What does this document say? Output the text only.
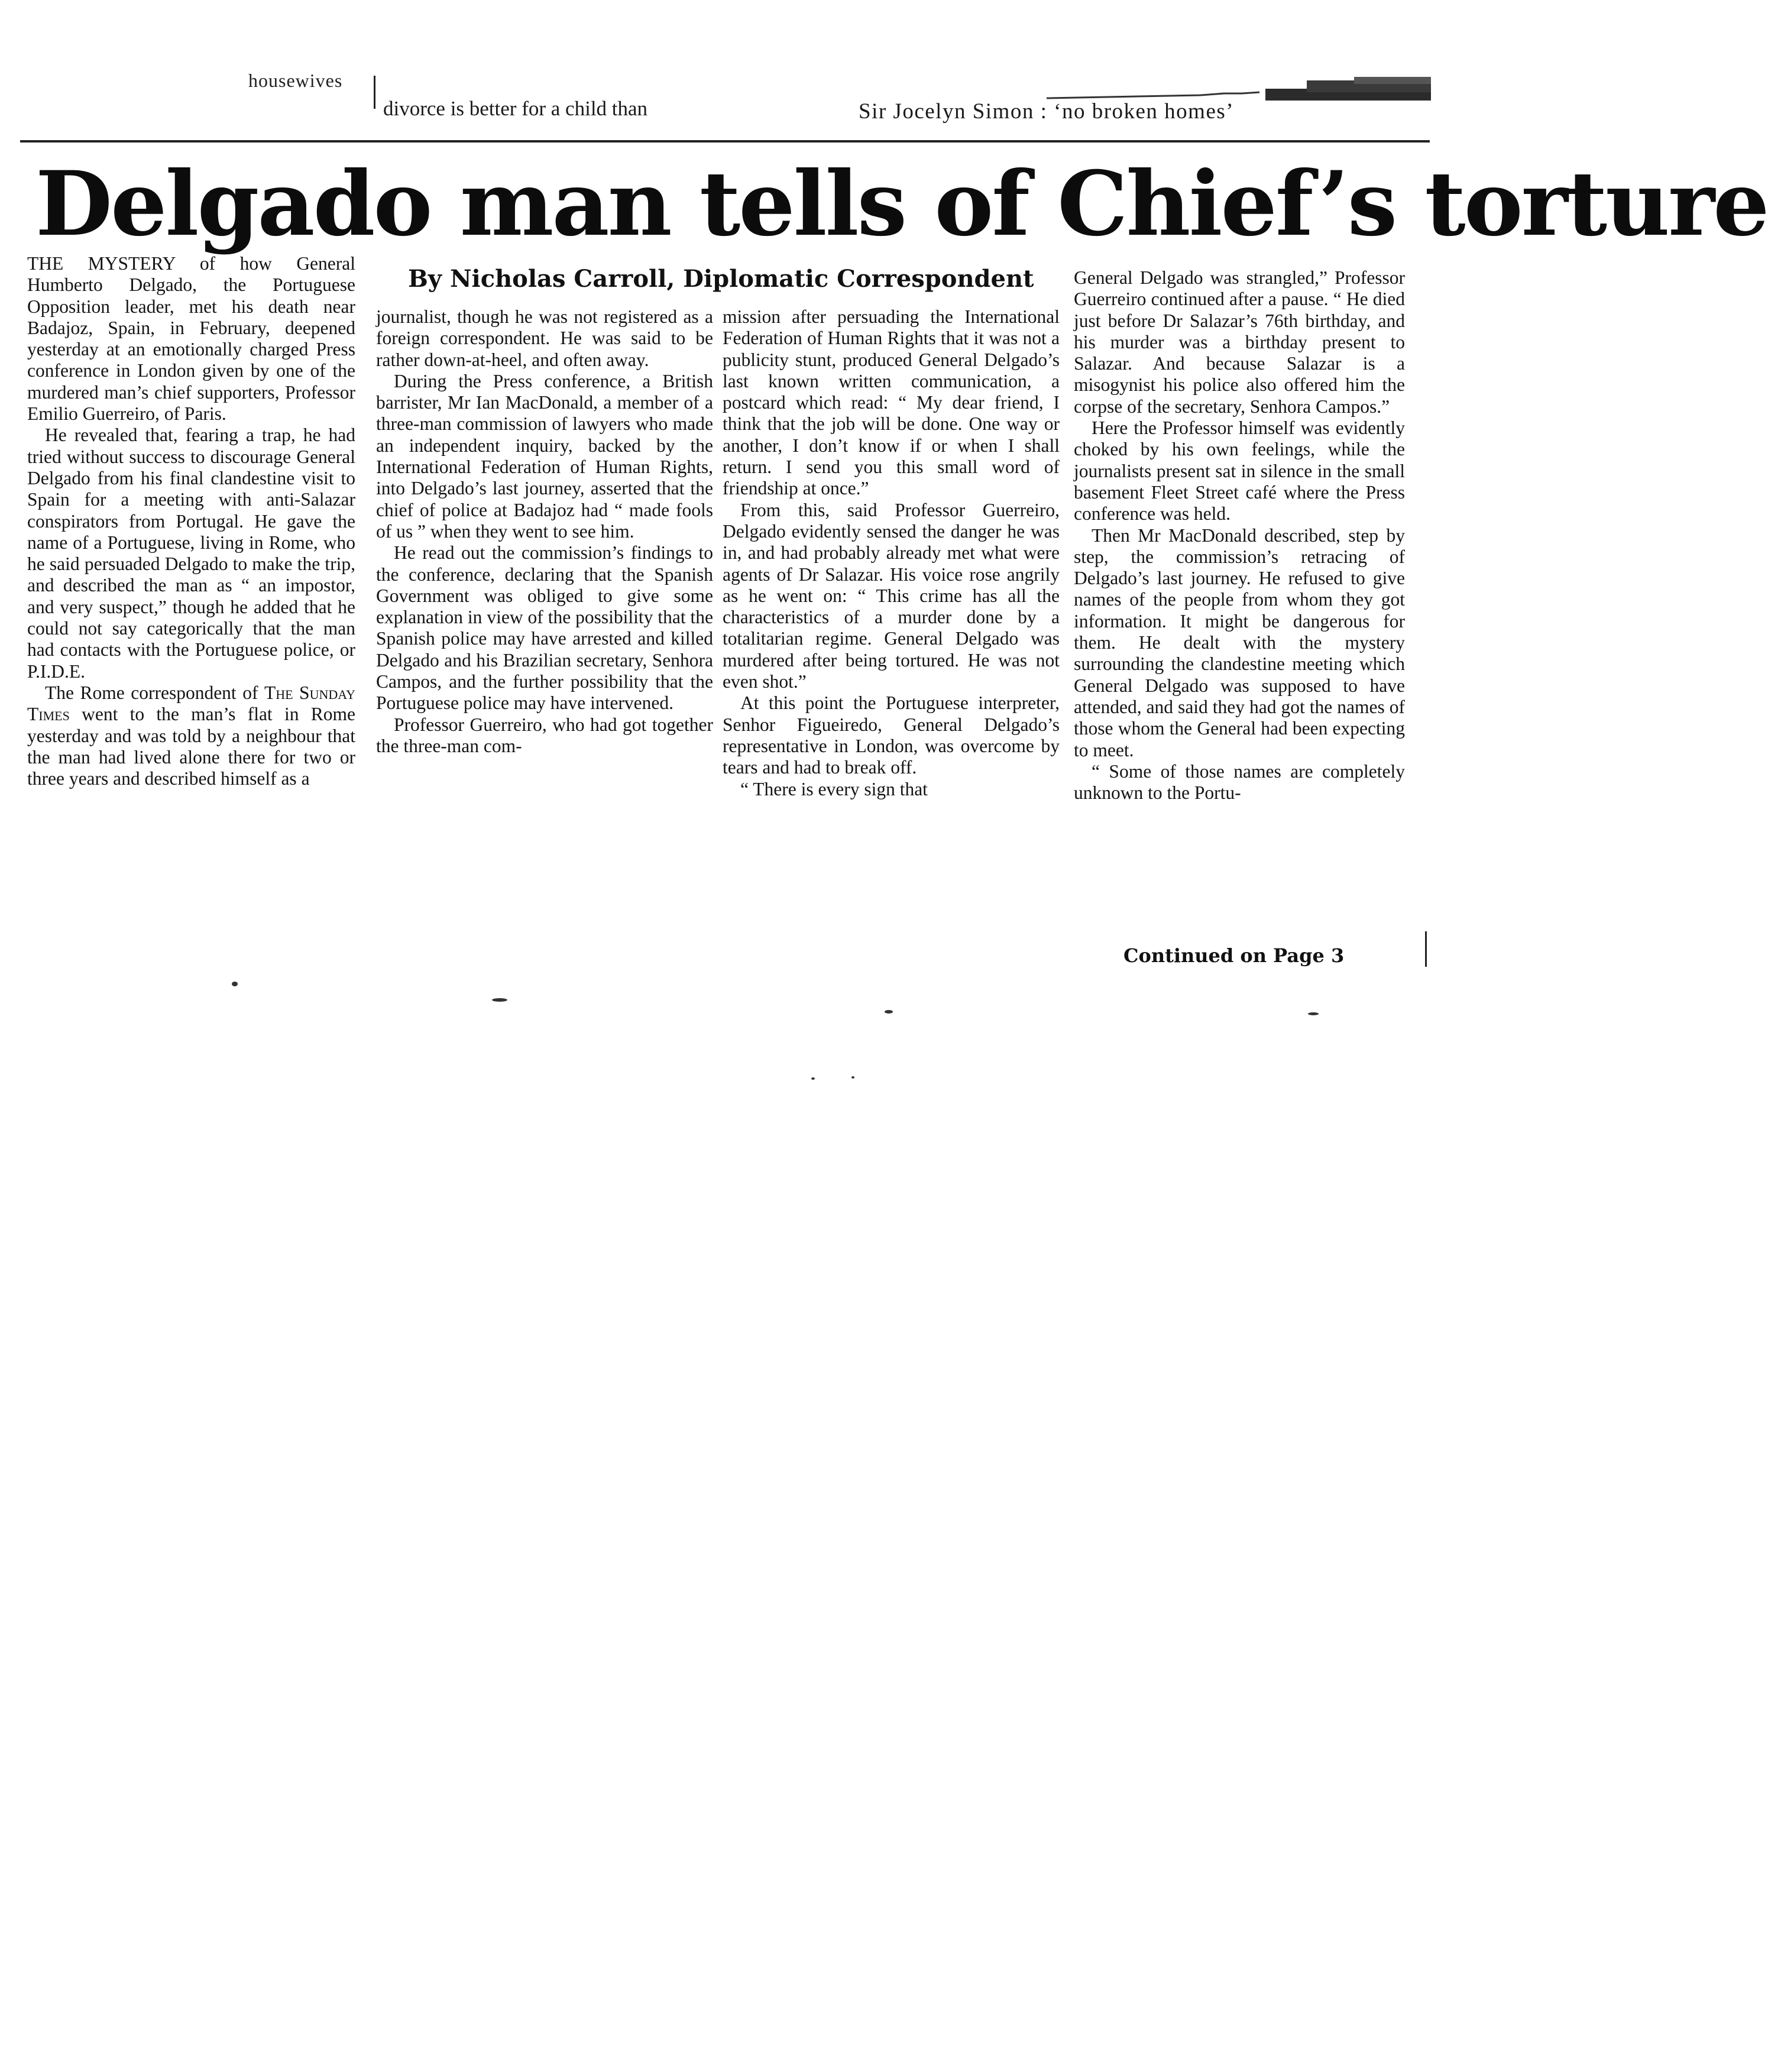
housewives
divorce is better for a child than	Sir Jocelyn Simon : ‘no broken homes’
Delgado man tells of Chief’s torture
By Nicholas Carroll, Diplomatic Correspondent

THE MYSTERY of how General Humberto Delgado, the Portuguese Opposition leader, met his death near Badajoz, Spain, in February, deepened yesterday at an emotionally charged Press conference in London given by one of the murdered man’s chief supporters, Professor Emilio Guerreiro, of Paris.

He revealed that, fearing a trap, he had tried without success to discourage General Delgado from his final clandestine visit to Spain for a meeting with anti-Salazar conspirators from Portugal. He gave the name of a Portuguese, living in Rome, who he said persuaded Delgado to make the trip, and described the man as “ an impostor, and very suspect,” though he added that he could not say categorically that the man had contacts with the Portuguese police, or P.I.D.E.

The Rome correspondent of The Sunday Times went to the man’s flat in Rome yesterday and was told by a neighbour that the man had lived alone there for two or three years and described himself as a

journalist, though he was not registered as a foreign correspondent. He was said to be rather down-at-heel, and often away.

During the Press conference, a British barrister, Mr Ian MacDonald, a member of a three-man commission of lawyers who made an independent inquiry, backed by the International Federation of Human Rights, into Delgado’s last journey, asserted that the chief of police at Badajoz had “ made fools of us ” when they went to see him.

He read out the commission’s findings to the conference, declaring that the Spanish Government was obliged to give some explanation in view of the possibility that the Spanish police may have arrested and killed Delgado and his Brazilian secretary, Senhora Campos, and the further possibility that the Portuguese police may have intervened.

Professor Guerreiro, who had got together the three-man com-

mission after persuading the International Federation of Human Rights that it was not a publicity stunt, produced General Delgado’s last known written communication, a postcard which read: “ My dear friend, I think that the job will be done. One way or another, I don’t know if or when I shall return. I send you this small word of friendship at once.”

From this, said Professor Guerreiro, Delgado evidently sensed the danger he was in, and had probably already met what were agents of Dr Salazar. His voice rose angrily as he went on: “ This crime has all the characteristics of a murder done by a totalitarian regime. General Delgado was murdered after being tortured. He was not even shot.”

At this point the Portuguese interpreter, Senhor Figueiredo, General Delgado’s representative in London, was overcome by tears and had to break off.

“ There is every sign that

General Delgado was strangled,” Professor Guerreiro continued after a pause. “ He died just before Dr Salazar’s 76th birthday, and his murder was a birthday present to Salazar. And because Salazar is a misogynist his police also offered him the corpse of the secretary, Senhora Campos.”

Here the Professor himself was evidently choked by his own feelings, while the journalists present sat in silence in the small basement Fleet Street café where the Press conference was held.

Then Mr MacDonald described, step by step, the commission’s retracing of Delgado’s last journey. He refused to give names of the people from whom they got information. It might be dangerous for them. He dealt with the mystery surrounding the clandestine meeting which General Delgado was supposed to have attended, and said they had got the names of those whom the General had been expecting to meet.

“ Some of those names are completely unknown to the Portu-

Continued on Page 3
